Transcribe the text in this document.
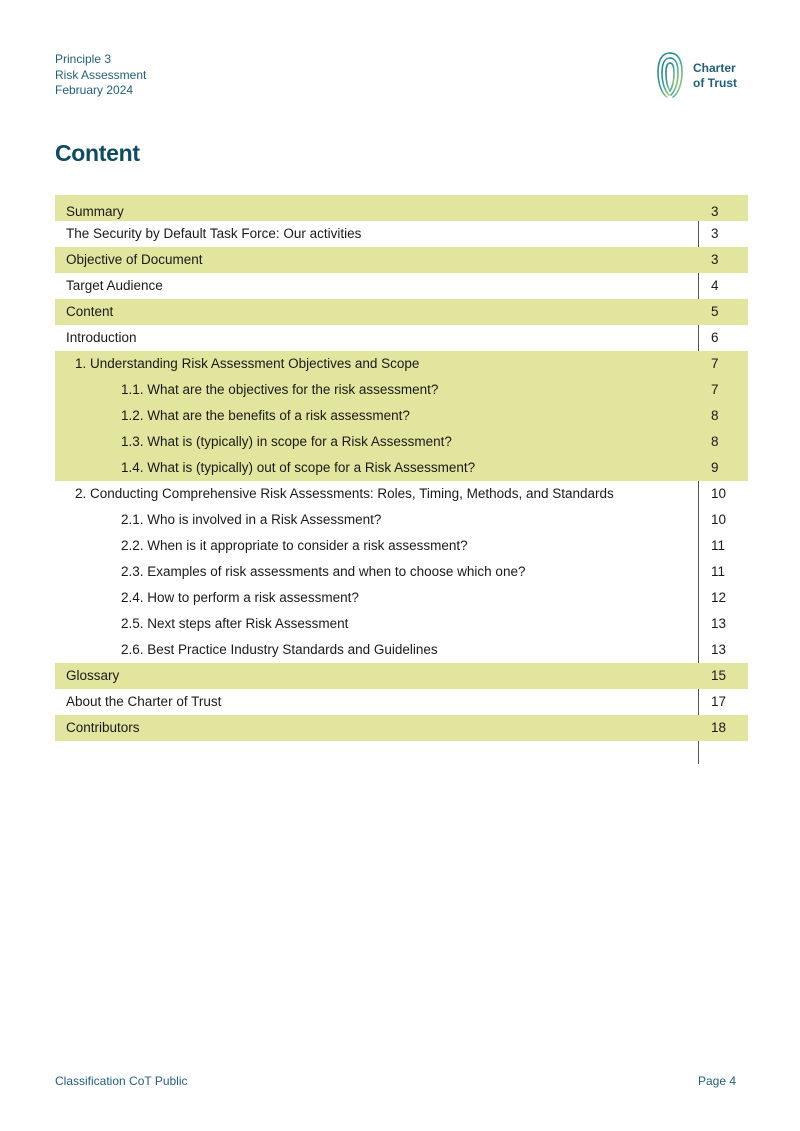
Principle 3
Risk Assessment
February 2024
Charter
of Trust
Content
Summary	3
The Security by Default Task Force: Our activities	3
Objective of Document	3
Target Audience	4
Content	5
Introduction	6
1. Understanding Risk Assessment Objectives and Scope	7
1.1. What are the objectives for the risk assessment?	7
1.2. What are the benefits of a risk assessment?	8
1.3. What is (typically) in scope for a Risk Assessment?	8
1.4. What is (typically) out of scope for a Risk Assessment?	9
2. Conducting Comprehensive Risk Assessments: Roles, Timing, Methods, and Standards	10
2.1. Who is involved in a Risk Assessment?	10
2.2. When is it appropriate to consider a risk assessment?	11
2.3. Examples of risk assessments and when to choose which one?	11
2.4. How to perform a risk assessment?	12
2.5. Next steps after Risk Assessment	13
2.6. Best Practice Industry Standards and Guidelines	13
Glossary	15
About the Charter of Trust	17
Contributors	18
Classification CoT Public	Page 4
